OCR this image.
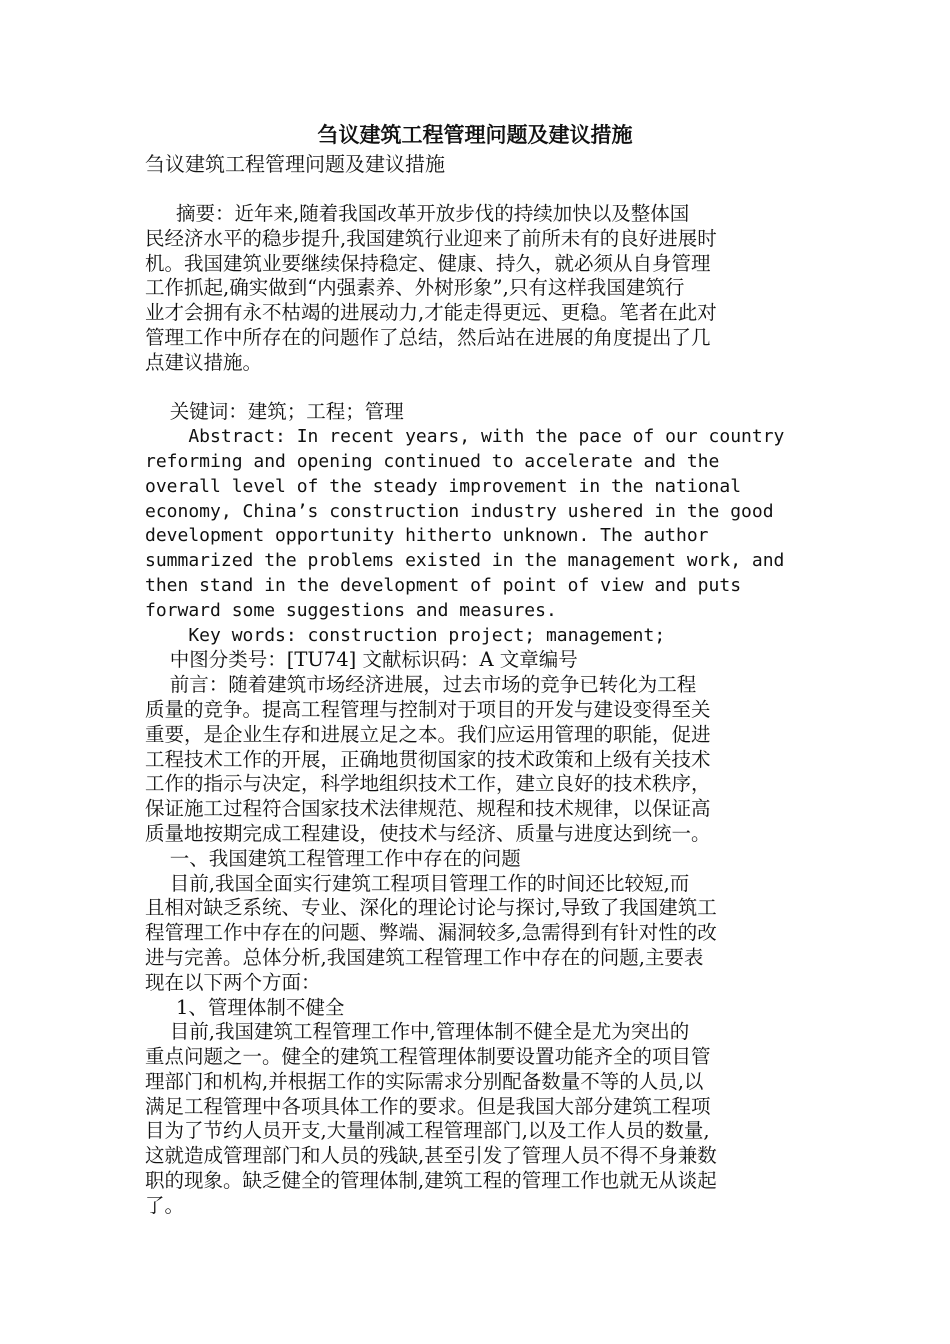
刍议建筑工程管理问题及建议措施

刍议建筑工程管理问题及建议措施

摘要：近年来,随着我国改革开放步伐的持续加快以及整体国

民经济水平的稳步提升,我国建筑行业迎来了前所未有的良好进展时

机。我国建筑业要继续保持稳定、健康、持久，就必须从自身管理

工作抓起,确实做到“内强素养、外树形象”,只有这样我国建筑行

业才会拥有永不枯竭的进展动力,才能走得更远、更稳。笔者在此对

管理工作中所存在的问题作了总结，然后站在进展的角度提出了几

点建议措施。

关键词：建筑；工程；管理

Abstract: In recent years, with the pace of our country

reforming and opening continued to accelerate and the

overall level of the steady improvement in the national

economy, China’s construction industry ushered in the good

development opportunity hitherto unknown. The author

summarized the problems existed in the management work, and

then stand in the development of point of view and puts

forward some suggestions and measures.

Key words: construction project; management;

中图分类号：[TU74] 文献标识码：A 文章编号

前言：随着建筑市场经济进展，过去市场的竞争已转化为工程

质量的竞争。提高工程管理与控制对于项目的开发与建设变得至关

重要，是企业生存和进展立足之本。我们应运用管理的职能，促进

工程技术工作的开展，正确地贯彻国家的技术政策和上级有关技术

工作的指示与决定，科学地组织技术工作，建立良好的技术秩序，

保证施工过程符合国家技术法律规范、规程和技术规律，以保证高

质量地按期完成工程建设，使技术与经济、质量与进度达到统一。

一、我国建筑工程管理工作中存在的问题

目前,我国全面实行建筑工程项目管理工作的时间还比较短,而

且相对缺乏系统、专业、深化的理论讨论与探讨,导致了我国建筑工

程管理工作中存在的问题、弊端、漏洞较多,急需得到有针对性的改

进与完善。总体分析,我国建筑工程管理工作中存在的问题,主要表

现在以下两个方面：

1、管理体制不健全

目前,我国建筑工程管理工作中,管理体制不健全是尤为突出的

重点问题之一。健全的建筑工程管理体制要设置功能齐全的项目管

理部门和机构,并根据工作的实际需求分别配备数量不等的人员,以

满足工程管理中各项具体工作的要求。但是我国大部分建筑工程项

目为了节约人员开支,大量削减工程管理部门,以及工作人员的数量,

这就造成管理部门和人员的残缺,甚至引发了管理人员不得不身兼数

职的现象。缺乏健全的管理体制,建筑工程的管理工作也就无从谈起

了。
